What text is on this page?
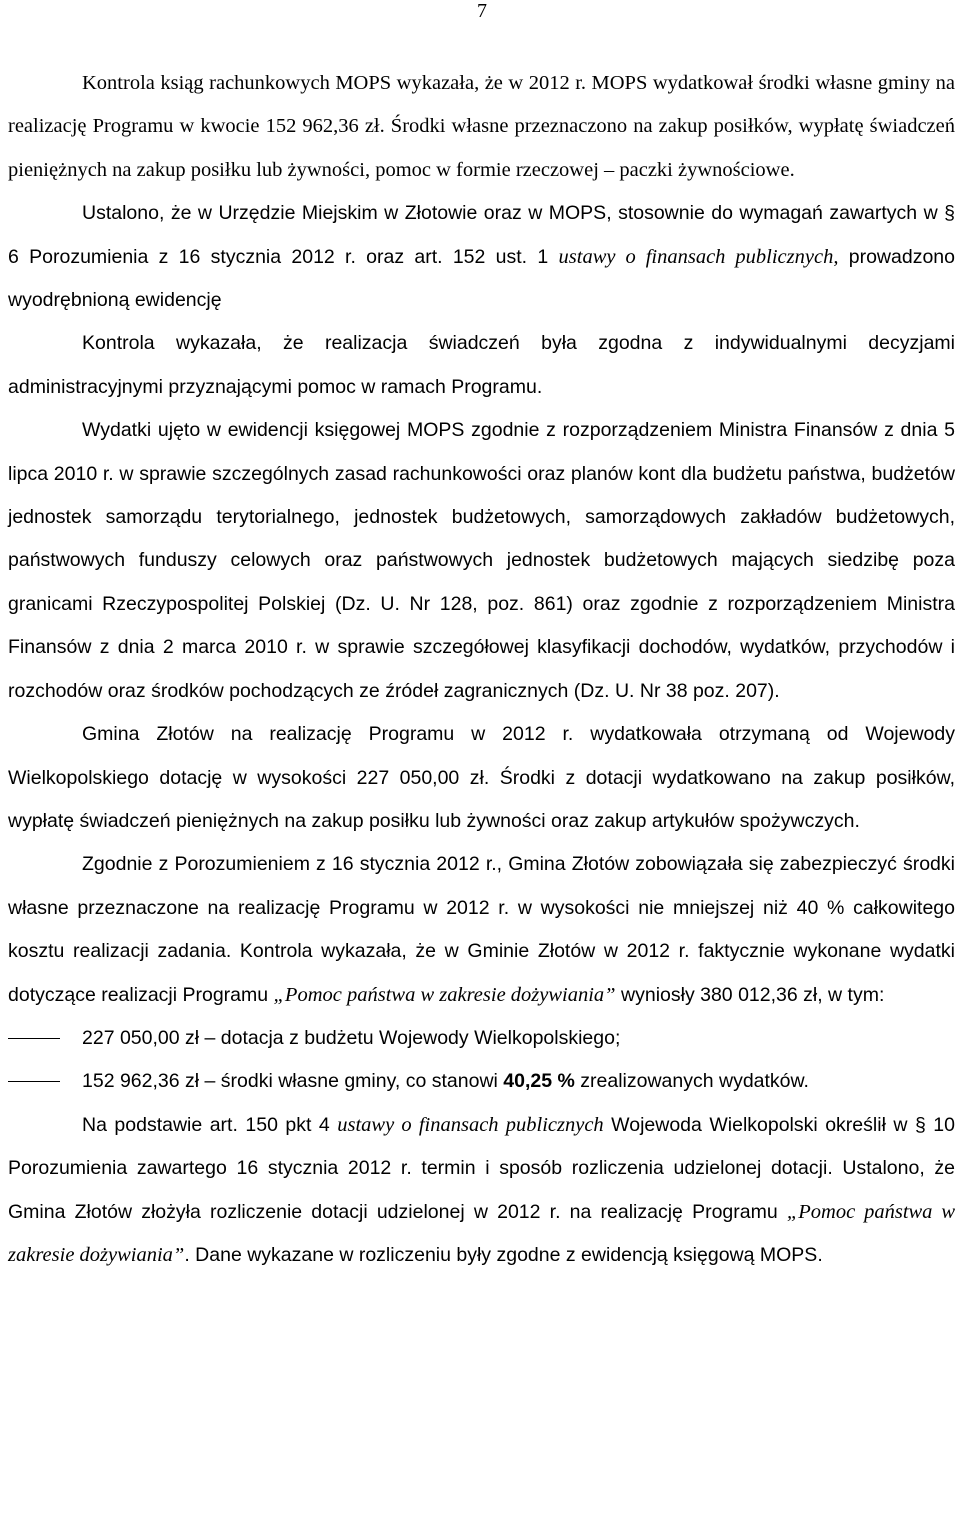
7

Kontrola ksiąg rachunkowych MOPS wykazała, że w 2012 r. MOPS wydatkował środki własne gminy na realizację Programu w kwocie 152 962,36 zł. Środki własne przeznaczono na zakup posiłków, wypłatę świadczeń pieniężnych na zakup posiłku lub żywności, pomoc w formie rzeczowej – paczki żywnościowe.

Ustalono, że w Urzędzie Miejskim w Złotowie oraz w MOPS, stosownie do wymagań zawartych w § 6 Porozumienia z 16 stycznia 2012 r. oraz art. 152 ust. 1 ustawy o finansach publicznych, prowadzono wyodrębnioną ewidencję

Kontrola wykazała, że realizacja świadczeń była zgodna z indywidualnymi decyzjami administracyjnymi przyznającymi pomoc w ramach Programu.

Wydatki ujęto w ewidencji księgowej MOPS zgodnie z rozporządzeniem Ministra Finansów z dnia 5 lipca 2010 r. w sprawie szczególnych zasad rachunkowości oraz planów kont dla budżetu państwa, budżetów jednostek samorządu terytorialnego, jednostek budżetowych, samorządowych zakładów budżetowych, państwowych funduszy celowych oraz państwowych jednostek budżetowych mających siedzibę poza granicami Rzeczypospolitej Polskiej (Dz. U. Nr 128, poz. 861) oraz zgodnie z rozporządzeniem Ministra Finansów z dnia 2 marca 2010 r. w sprawie szczegółowej klasyfikacji dochodów, wydatków, przychodów i rozchodów oraz środków pochodzących ze źródeł zagranicznych (Dz. U. Nr 38 poz. 207).

Gmina Złotów na realizację Programu w 2012 r. wydatkowała otrzymaną od Wojewody Wielkopolskiego dotację w wysokości 227 050,00 zł. Środki z dotacji wydatkowano na zakup posiłków, wypłatę świadczeń pieniężnych na zakup posiłku lub żywności oraz zakup artykułów spożywczych.

Zgodnie z Porozumieniem z 16 stycznia 2012 r., Gmina Złotów zobowiązała się zabezpieczyć środki własne przeznaczone na realizację Programu w 2012 r. w wysokości nie mniejszej niż 40 % całkowitego kosztu realizacji zadania. Kontrola wykazała, że w Gminie Złotów w 2012 r. faktycznie wykonane wydatki dotyczące realizacji Programu „Pomoc państwa w zakresie dożywiania” wyniosły 380 012,36 zł, w tym:

227 050,00 zł – dotacja z budżetu Wojewody Wielkopolskiego;

152 962,36 zł – środki własne gminy, co stanowi 40,25 % zrealizowanych wydatków.

Na podstawie art. 150 pkt 4 ustawy o finansach publicznych Wojewoda Wielkopolski określił w § 10 Porozumienia zawartego 16 stycznia 2012 r. termin i sposób rozliczenia udzielonej dotacji. Ustalono, że Gmina Złotów złożyła rozliczenie dotacji udzielonej w 2012 r. na realizację Programu „Pomoc państwa w zakresie dożywiania”. Dane wykazane w rozliczeniu były zgodne z ewidencją księgową MOPS.
